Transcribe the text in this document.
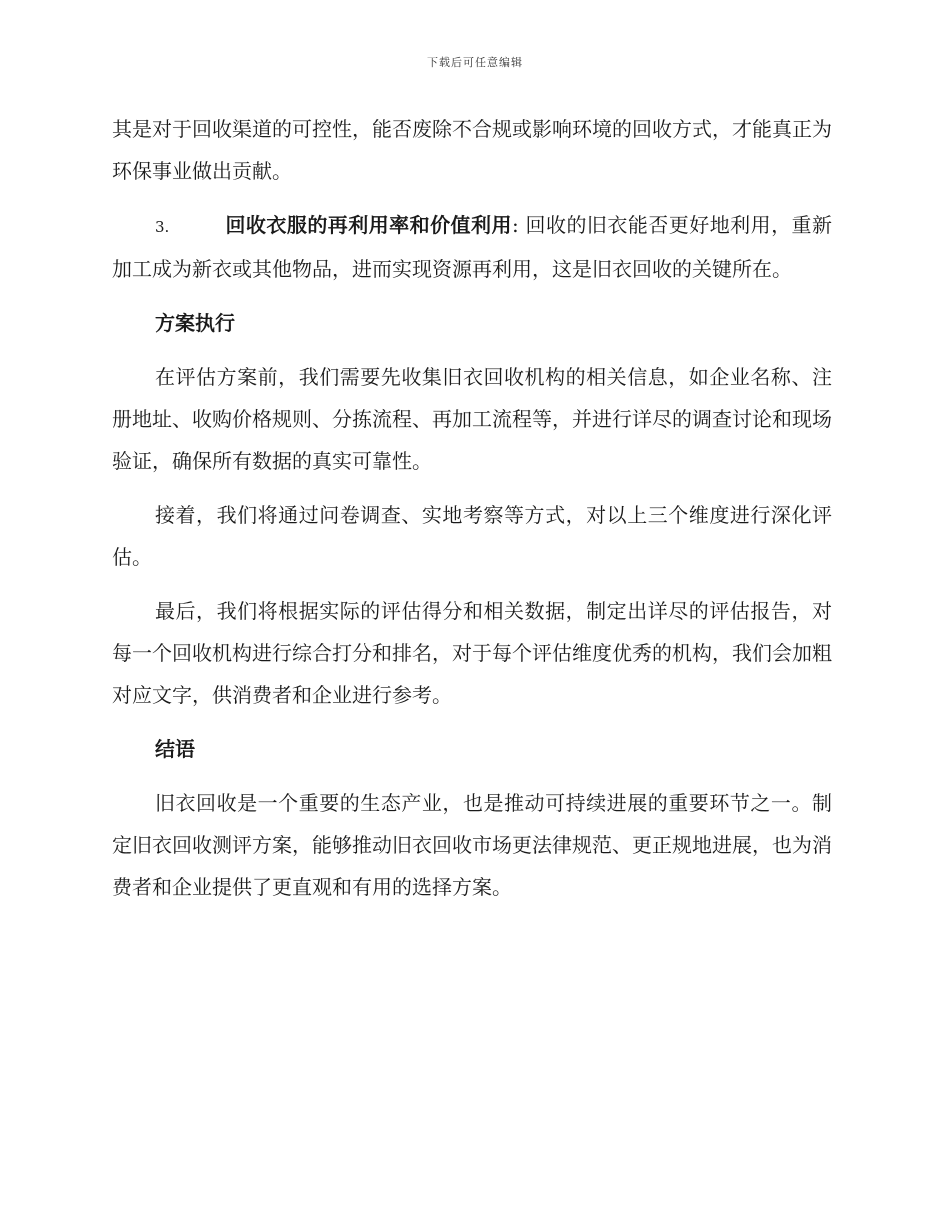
下载后可任意编辑

其是对于回收渠道的可控性，能否废除不合规或影响环境的回收方式，才能真正为环保事业做出贡献。

3.	回收衣服的再利用率和价值利用: 回收的旧衣能否更好地利用，重新加工成为新衣或其他物品，进而实现资源再利用，这是旧衣回收的关键所在。

方案执行

在评估方案前，我们需要先收集旧衣回收机构的相关信息，如企业名称、注册地址、收购价格规则、分拣流程、再加工流程等，并进行详尽的调查讨论和现场验证，确保所有数据的真实可靠性。

接着，我们将通过问卷调查、实地考察等方式，对以上三个维度进行深化评估。

最后，我们将根据实际的评估得分和相关数据，制定出详尽的评估报告，对每一个回收机构进行综合打分和排名，对于每个评估维度优秀的机构，我们会加粗对应文字，供消费者和企业进行参考。

结语

旧衣回收是一个重要的生态产业，也是推动可持续进展的重要环节之一。制定旧衣回收测评方案，能够推动旧衣回收市场更法律规范、更正规地进展，也为消费者和企业提供了更直观和有用的选择方案。
